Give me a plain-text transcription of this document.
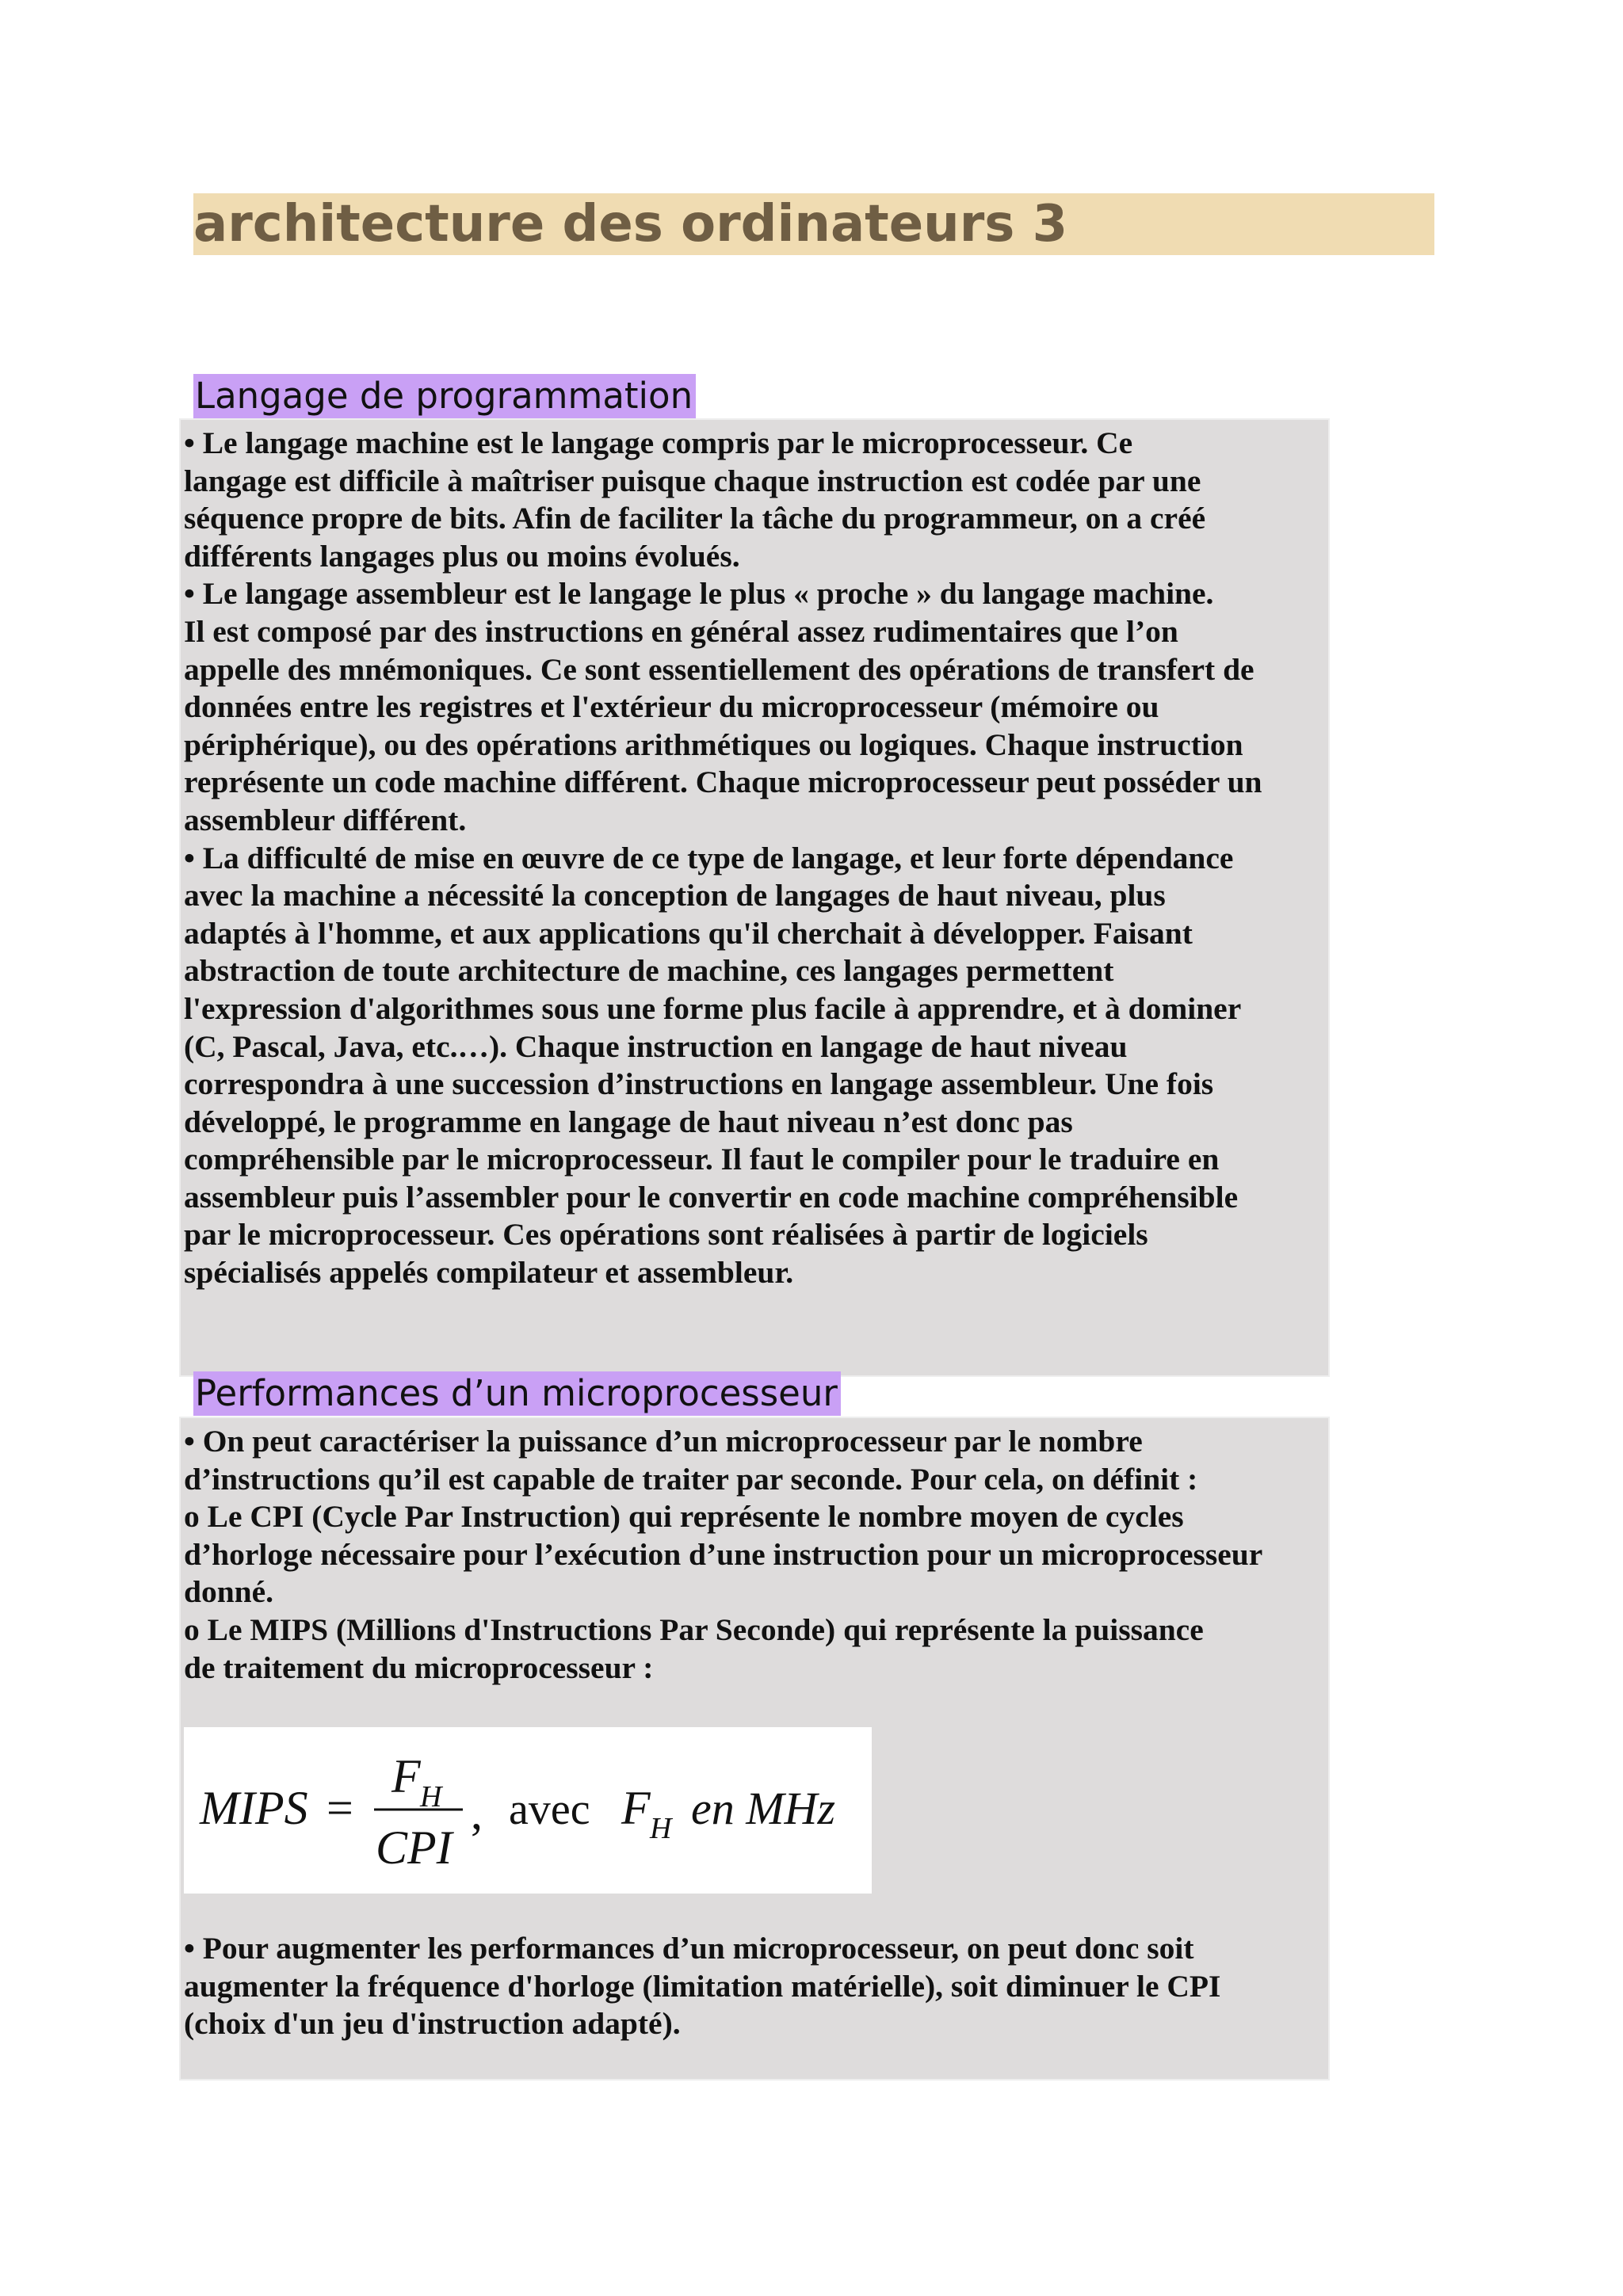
architecture des ordinateurs 3
Langage de programmation

• Le langage machine est le langage compris par le microprocesseur. Ce

langage est difficile à maîtriser puisque chaque instruction est codée par une

séquence propre de bits. Afin de faciliter la tâche du programmeur, on a créé

différents langages plus ou moins évolués.

• Le langage assembleur est le langage le plus « proche » du langage machine.

Il est composé par des instructions en général assez rudimentaires que l’on

appelle des mnémoniques. Ce sont essentiellement des opérations de transfert de

données entre les registres et l'extérieur du microprocesseur (mémoire ou

périphérique), ou des opérations arithmétiques ou logiques. Chaque instruction

représente un code machine différent. Chaque microprocesseur peut posséder un

assembleur différent.

• La difficulté de mise en œuvre de ce type de langage, et leur forte dépendance

avec la machine a nécessité la conception de langages de haut niveau, plus

adaptés à l'homme, et aux applications qu'il cherchait à développer. Faisant

abstraction de toute architecture de machine, ces langages permettent

l'expression d'algorithmes sous une forme plus facile à apprendre, et à dominer

(C, Pascal, Java, etc.…). Chaque instruction en langage de haut niveau

correspondra à une succession d’instructions en langage assembleur. Une fois

développé, le programme en langage de haut niveau n’est donc pas

compréhensible par le microprocesseur. Il faut le compiler pour le traduire en

assembleur puis l’assembler pour le convertir en code machine compréhensible

par le microprocesseur. Ces opérations sont réalisées à partir de logiciels

spécialisés appelés compilateur et assembleur.

Performances d’un microprocesseur

• On peut caractériser la puissance d’un microprocesseur par le nombre

d’instructions qu’il est capable de traiter par seconde. Pour cela, on définit :

o Le CPI (Cycle Par Instruction) qui représente le nombre moyen de cycles

d’horloge nécessaire pour l’exécution d’une instruction pour un microprocesseur

donné.

o Le MIPS (Millions d'Instructions Par Seconde) qui représente la puissance

de traitement du microprocesseur :

MIPS =
F H
CPI
, avec F H en MHz

• Pour augmenter les performances d’un microprocesseur, on peut donc soit

augmenter la fréquence d'horloge (limitation matérielle), soit diminuer le CPI

(choix d'un jeu d'instruction adapté).
